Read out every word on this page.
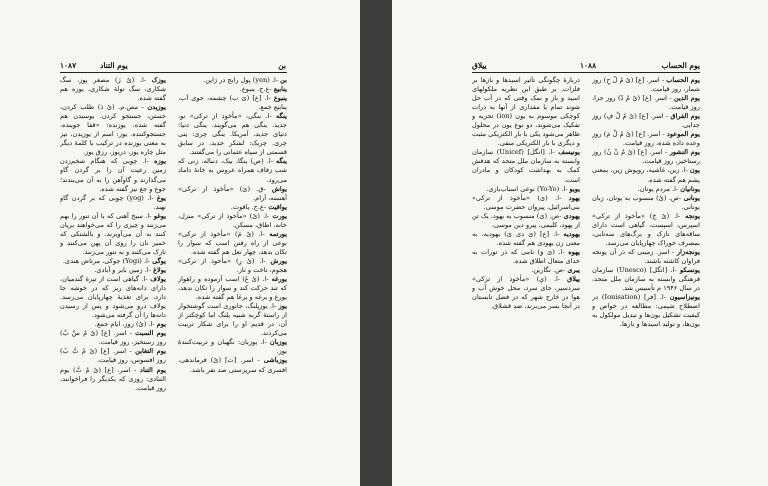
۱۰۸۷	یوم التناد	بن

یوزک -ا. (یُ زَ) مصغر یوز، سگ شکاری، سگ تولهٔ شکاری، یوزه هم گفته شده.

یوزیدن - مص.م. (یُ دَ) طلب کردن، جستن، جستجو کردن. یوسیدن هم گفته شده. یوزنده: «قفا جوینده، جستجوکننده. یوز: اسم از یوزیدن، نیز به معنی یوزنده در ترکیب با کلمهٔ دیگر مثل چاره یوز، دریوز، رزق یوز.

یوزه -ا. چوبی که هنگام شخم‌زدن زمین رعیت آن را بر گردن گاو می‌گذارند و گاوآهن را به آن می‌بندند؛ جوغ و جغ نیز گفته شده.

یوغ -ا. (yog) چوبی که بر گردن گاو نهند.

یوغو -ا. سیخ آهنی که با آن تنور را بهم می‌زنند و چیزی را که می‌خواهند بریان کنند به آن می‌آویزند، و بالشتکی که خمیر نان را روی آن پهن می‌کنند و نازک می‌کنند و به تنور می‌زنند.

یوگی -ا. (Yogi) جوکی، مرتاض هندی.

یولاغ -ا. زمین بایر و آبادی.

یولاف -ا. گیاهی است از تیرهٔ گندمیان، دارای دانه‌های ریز که در خوشه جا دارد، برای تغذیهٔ چهارپایان می‌رسد. یولاف درو می‌شود و پس از رسیدن دانه‌ها را آن گرفته می‌شود.

یوم -ا. (یُ) روز، ایام جمع.

یوم السبت - اسر. [ع] (یُ مُ سَّ بْ) روز رستخیز، روز قیامت.

یوم التغابن - اسر. [ع] (یُ مُ تَّ بُ) روز افسوس، روز قیامت.

یوم التناد - اسر. [ع] (یُ مُ تَّ) یوم التنادی: روزی که یکدیگر را فراخوانند، روز قیامت.

بن -ا. (yen) پول رایج در ژاپن.

ینابیع -ع.ج. ینبوع.

ینبوع -ا. [ع] (یَ ب) چشمه، جوی آب، ینابیع جمع.

ینگه -ا. بنگی، «مأخوذ از ترکی» نو، جدید. ینگی هم می‌گویند. ینگی دنیا: دنیای جدید، آمریکا. ینگی چری: ینی چری. چریک: لشکر جدید، در سابق قسمتی از سپاه عثمانی را می‌گفتند.

ینگه -ا. (ص) ینگا، بیک، دنباله، زنی که شب زفاف همراه عروس به خانهٔ داماد می‌رود.

یواش -ق. (یَ) «مأخوذ از ترکی» آهسته، آرام.

یواقیت -ع.ج. یاقوت.

یورت -ا. (یُ) «مأخوذ از ترکی» منزل، خانه، اطاق، مسکن.

یورتمه -ا. (یُ مَ) «مأخوذ از ترکی» نوعی از راه رفتن اسب که سوار را تکان بدهد، چهار نعل هم گفته شده.

یورش -ا. (یُ رِ) «مأخوذ از ترکی» هجوم، تاخت و تاز.

یورغه -ا. (یُ غَ) اسب آزموده و راهوار که تند حرکت کند و سوار را تکان ندهد، یورغ و یرغه و یرغا هم گفته شده.

یوز -ا. یوزپلنگ، جانوری است گوشتخوار از راستهٔ گربه شبیه پلنگ اما کوچکتر از آن، در قدیم او را برای شکار تربیت می‌کردند.

یوزبان -ا. یوزبان: نگهبان و تربیت‌کنندهٔ یوز.

یوزباشی - اسر. [ت] (یُ) فرماندهی، افسری که سرپرستی صد نفر باشد.

ییلاق	۱۰۸۸	یوم الحساب

دربارهٔ چگونگی تأثیر اسیدها و بازها بر فلزات. بر طبق این نظریه ملکولهای اسید و باز و نمک وقتی که در آب حل شوند تمام یا مقداری از آنها به ذرات کوچکی موسوم به یون (ion) تجزیه و تفکیک می‌شوند، دو نوع یون در محلول ظاهر می‌شود یکی با بار الکتریکی مثبت و دیگری با بار الکتریکی منفی.

یونیسف -ا. [انگل] (Unicef) سازمان وابسته به سازمان ملل متحد که هدفش کمک به بهداشت کودکان و مادران است.

یویو -ا. (Yo-Yo) نوعی اسباب‌بازی.

یهود -ا. (یَ) «مأخوذ از ترکی» بنی‌اسرائیل، پیروان حضرت موسی.

یهودی -ص. (یَ) منسوب به یهود، یک تن از یهود، کلیمی، پیرو دین موسی.

یهودیه -ا. [ع] (یَ دی یَ) یهودیه، به معنی زن یهودی هم گفته شده.

یهوه -ا. (یَ وَ) نامی که در تورات به خدای متعال اطلاق شده.

یبری -ص. نگارین.

ییلاق -ا. (یِ) «مأخوذ از ترکی» سردسیر، جای سرد، محل خوش آب و هوا در خارج شهر که در فصل تابستان در آنجا بسر می‌برند، ضد قشلاق.

یوم الحساب - اسر. [ع] (یُ مُ لْ حِ) روز شمار، روز قیامت.

یوم الدین - اسر. [ع] (یُ مُ دّ) روز جزا، روز قیامت.

یوم الفراق - اسر. [ع] (یُ مُ لْ فِ) روز جدایی.

یوم الموعود - اسر. [ع] (یُ مُ لْ مَ) روز وعده داده شده، روز قیامت.

یوم النشور - اسر. [ع] (یُ مُ نْ نُ) روز رستاخیز، روز قیامت.

یون -ا. زین، غاشیه، روپوش زین، بمعنی پشم هم گفته شده.

یونانیان -ا. مردم یونان.

یونانی -ص. (یُ) منسوب به یونان، زبان یونانی.

یونجه -ا. (یُ جَ) «مأخوذ از ترکی» اسپرس، اسپست، گیاهی است دارای ساقه‌های نازک و برگ‌های سه‌تایی، بمصرف خوراک چهارپایان می‌رسد.

یونجه‌زار - اسر. زمینی که در آن یونجه فراوان کاشته باشند.

یونسکو -ا. [انگل] (Unesco) سازمان فرهنگی وابسته به سازمان ملل متحد، در سال ۱۹۴۶ م تأسیس شد.

یونیزاسیون -ا. [فر] (Ionisation) در اصطلاح شیمی: مطالعه در خواص و کیفیت تشکیل یون‌ها و تبدیل مولکول به یون‌ها، و تولید اسیدها و بازها.
